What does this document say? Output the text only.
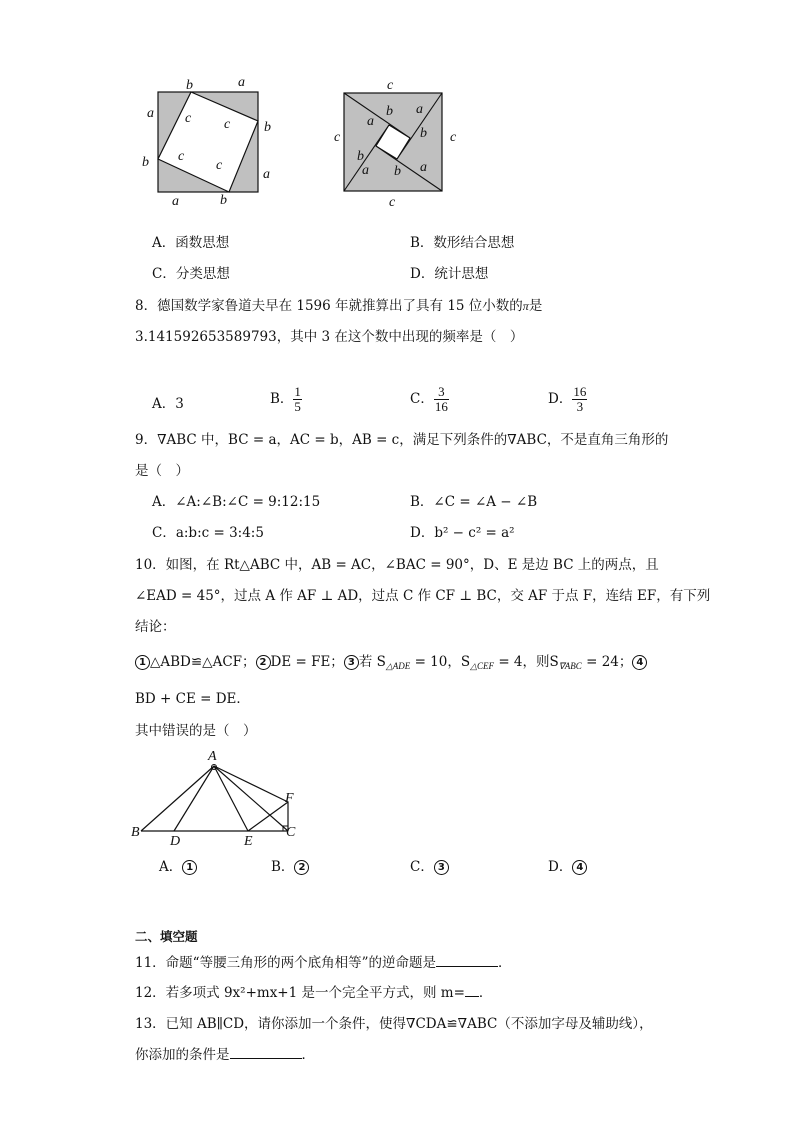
b	a
a
b
b
a
a	b
c c
c
c
c
c	c
c
b a
a
b
b
a
a b
A．函数思想	B．数形结合思想
C．分类思想	D．统计思想
8．德国数学家鲁道夫早在 1596 年就推算出了具有 15 位小数的π是
3.141592653589793，其中 3 在这个数中出现的频率是（　）
A．3	B． $\frac{1}{5}$	C． $\frac{3}{16}$	D． $\frac{16}{3}$
9．∇ABC 中，BC = a，AC = b，AB = c，满足下列条件的∇ABC，不是直角三角形的
是（　）
A．∠A:∠B:∠C = 9:12:15	B．∠C = ∠A − ∠B
C．a:b:c = 3:4:5	D．b² − c² = a²
10．如图，在 Rt△ABC 中，AB = AC，∠BAC = 90°，D、E 是边 BC 上的两点，且
∠EAD = 45°，过点 A 作 AF ⊥ AD，过点 C 作 CF ⊥ BC，交 AF 于点 F，连结 EF，有下列
结论：
1 △ABD≌△ACF； 2 DE = FE； 3 若 $S_{\triangle ADE} = 10$，$S_{\triangle CEF} = 4$，则$S_{\nabla ABC} = 24$； 4
BD + CE = DE．
其中错误的是（　）
A
B	C
D	E
F
A． 1	B． 2	C． 3	D． 4
二、填空题
11．命题“等腰三角形的两个底角相等”的逆命题是	．
12．若多项式 9x²+mx+1 是一个完全平方式，则 m= ．
13．已知 AB∥CD，请你添加一个条件，使得∇CDA≌∇ABC（不添加字母及辅助线），
你添加的条件是	．
